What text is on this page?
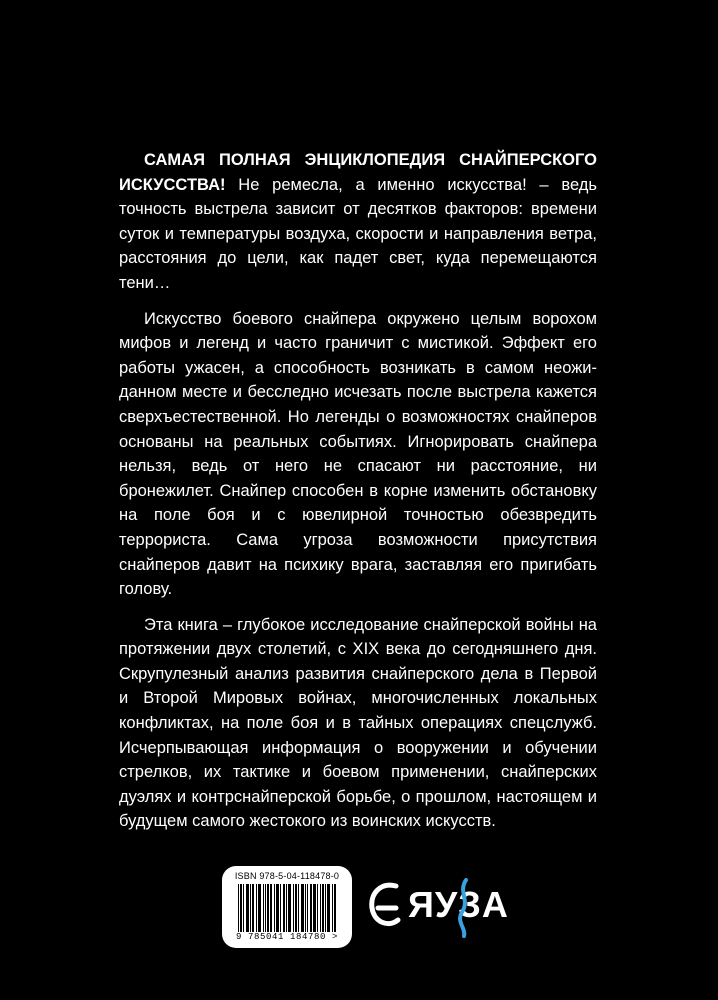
САМАЯ ПОЛНАЯ ЭНЦИКЛОПЕДИЯ СНАЙПЕРСКОГО ИСКУССТВА! Не ремесла, а именно искусства! – ведь точность выстрела зависит от десятков факторов: времени суток и температуры воздуха, скорости и направления ветра, расстояния до цели, как падет свет, куда перемещаются тени…

Искусство боевого снайпера окружено целым ворохом мифов и легенд и часто граничит с мистикой. Эффект его работы ужасен, а способность возникать в самом неожиданном месте и бесследно исчезать после выстрела кажется сверхъестественной. Но легенды о возможностях снайперов основаны на реальных событиях. Игнорировать снайпера нельзя, ведь от него не спасают ни расстояние, ни бронежилет. Снайпер способен в корне изменить обстановку на поле боя и с ювелирной точностью обезвредить террориста. Сама угроза возможности присутствия снайперов давит на психику врага, заставляя его пригибать голову.

Эта книга – глубокое исследование снайперской войны на протяжении двух столетий, с XIX века до сегодняшнего дня. Скрупулезный анализ развития снайперского дела в Первой и Второй Мировых войнах, многочисленных локальных конфликтах, на поле боя и в тайных операциях спецслужб. Исчерпывающая информация о вооружении и обучении стрелков, их тактике и боевом применении, снайперских дуэлях и контрснайперской борьбе, о прошлом, настоящем и будущем самого жестокого из воинских искусств.

ISBN 978-5-04-118478-0
9 785041 184780 >
ЯУЗА
